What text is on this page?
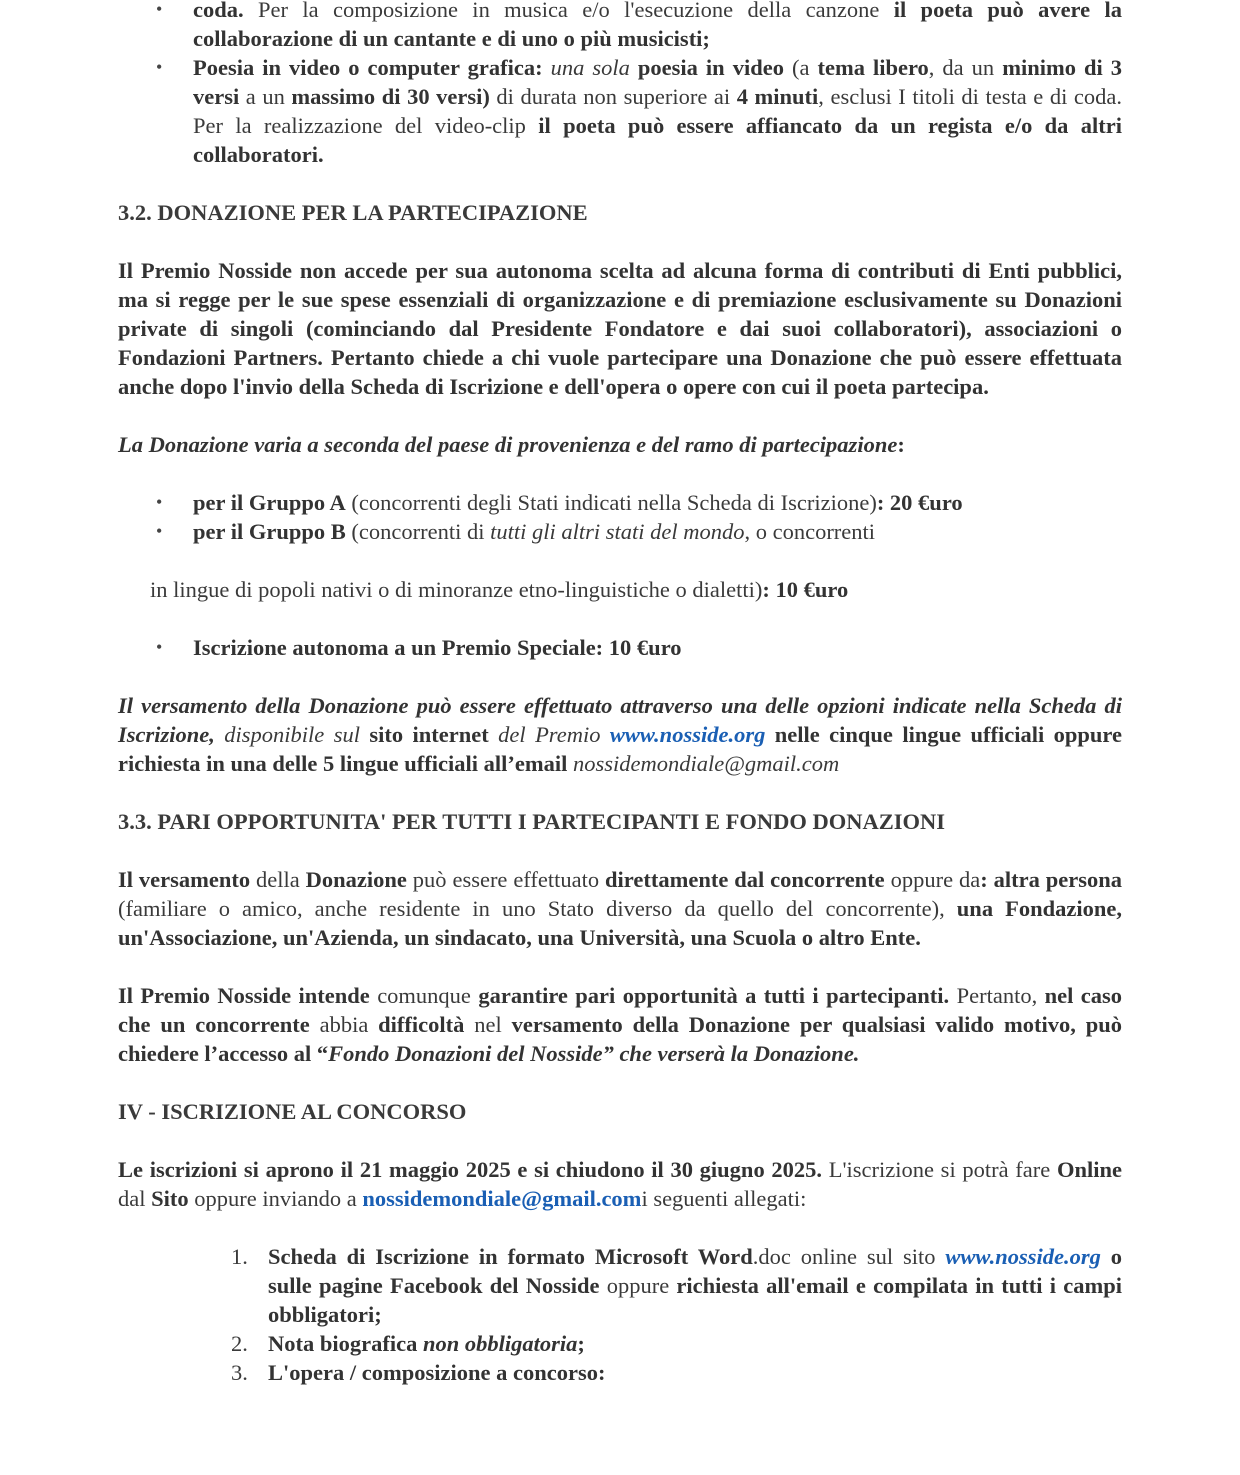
• coda. Per la composizione in musica e/o l'esecuzione della canzone il poeta può avere la collaborazione di un cantante e di uno o più musicisti;
• Poesia in video o computer grafica: una sola poesia in video (a tema libero, da un minimo di 3 versi a un massimo di 30 versi) di durata non superiore ai 4 minuti, esclusi I titoli di testa e di coda. Per la realizzazione del video-clip il poeta può essere affiancato da un regista e/o da altri collaboratori.

3.2. DONAZIONE PER LA PARTECIPAZIONE

Il Premio Nosside non accede per sua autonoma scelta ad alcuna forma di contributi di Enti pubblici, ma si regge per le sue spese essenziali di organizzazione e di premiazione esclusivamente su Donazioni private di singoli (cominciando dal Presidente Fondatore e dai suoi collaboratori), associazioni o Fondazioni Partners. Pertanto chiede a chi vuole partecipare una Donazione che può essere effettuata anche dopo l'invio della Scheda di Iscrizione e dell'opera o opere con cui il poeta partecipa.

La Donazione varia a seconda del paese di provenienza e del ramo di partecipazione:

• per il Gruppo A (concorrenti degli Stati indicati nella Scheda di Iscrizione): 20 €uro
• per il Gruppo B (concorrenti di tutti gli altri stati del mondo, o concorrenti

in lingue di popoli nativi o di minoranze etno-linguistiche o dialetti): 10 €uro

• Iscrizione autonoma a un Premio Speciale: 10 €uro

Il versamento della Donazione può essere effettuato attraverso una delle opzioni indicate nella Scheda di Iscrizione, disponibile sul sito internet del Premio www.nosside.org nelle cinque lingue ufficiali oppure richiesta in una delle 5 lingue ufficiali all’email nossidemondiale@gmail.com

3.3. PARI OPPORTUNITA' PER TUTTI I PARTECIPANTI E FONDO DONAZIONI

Il versamento della Donazione può essere effettuato direttamente dal concorrente oppure da: altra persona (familiare o amico, anche residente in uno Stato diverso da quello del concorrente), una Fondazione, un'Associazione, un'Azienda, un sindacato, una Università, una Scuola o altro Ente.

Il Premio Nosside intende comunque garantire pari opportunità a tutti i partecipanti. Pertanto, nel caso che un concorrente abbia difficoltà nel versamento della Donazione per qualsiasi valido motivo, può chiedere l’accesso al “Fondo Donazioni del Nosside” che verserà la Donazione.

IV - ISCRIZIONE AL CONCORSO

Le iscrizioni si aprono il 21 maggio 2025 e si chiudono il 30 giugno 2025. L'iscrizione si potrà fare Online dal Sito oppure inviando a nossidemondiale@gmail.comi seguenti allegati:

1. Scheda di Iscrizione in formato Microsoft Word.doc online sul sito www.nosside.org o sulle pagine Facebook del Nosside oppure richiesta all'email e compilata in tutti i campi obbligatori;
2. Nota biografica non obbligatoria;
3. L'opera / composizione a concorso:
